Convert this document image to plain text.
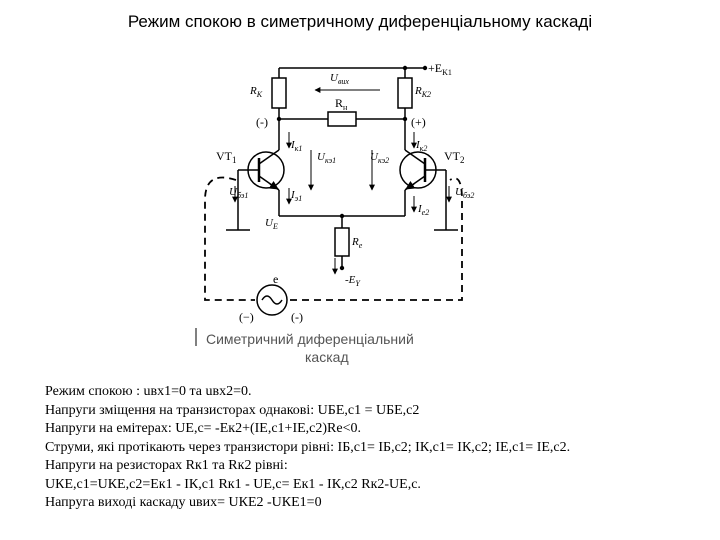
Режим спокою в симетричному диференціальному каскаді
$+E_{K1}$
$U_{вих}$
$R_К$	$R_{К2}$
$R_н$
(-)	(+)
$I_{к1}$	$I_{к2}$
$U_{кэ1}$	$U_{кэ2}$
$VT_1$	$VT_2$
$U_{бэ1}$	$U_{бэ2}$
$I_{э1}$
$I_{е2}$
$U_Е$
$R_е$
$-E_Y$
e
(−)	(-)
Симетричний диференціальний
каскад
Режим спокою : uвх1=0 та uвх2=0.
Напруги зміщення на транзисторах однакові: UБЕ,с1 = UБЕ,с2
Напруги на емітерах: UЕ,с= -Eк2+(IЕ,с1+IЕ,с2)Rе<0.
Струми, які протікають через транзистори рівні: IБ,с1= IБ,с2; IК,с1= IК,с2; IЕ,с1= IЕ,с2.
Напруги на резисторах Rк1 та Rк2 рівні:
UКЕ,с1=UКЕ,с2=Eк1 - IК,с1 Rк1 - UЕ,с= Eк1 - IК,с2 Rк2-UЕ,с.
Напруга виході каскаду uвих= UКЕ2 -UКЕ1=0
